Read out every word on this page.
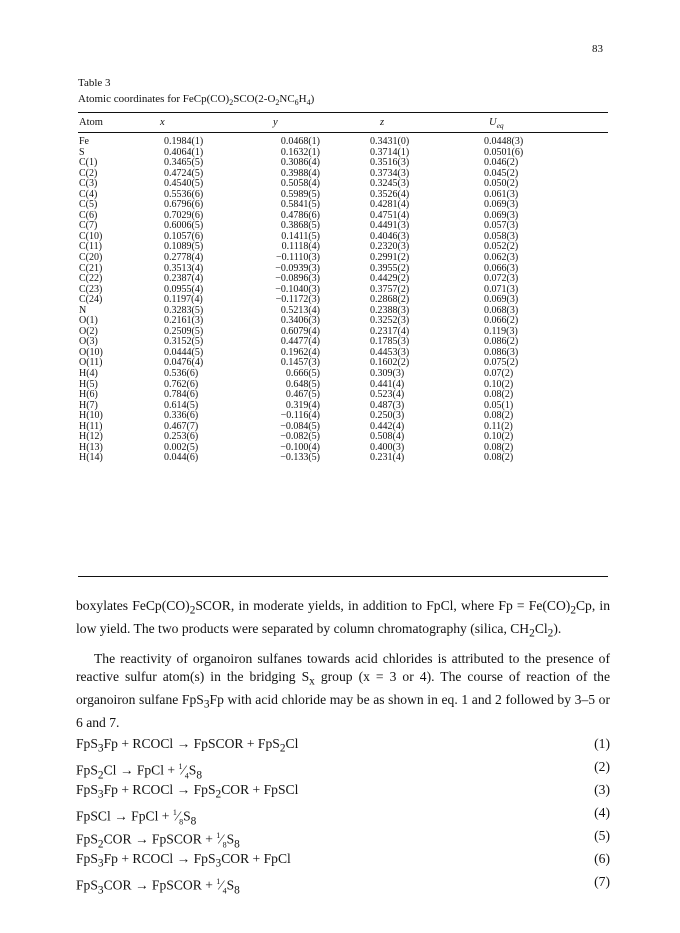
83
Table 3
Atomic coordinates for $FeCp(CO)_2SCO(2-O_2NC_6H_4)$
Atom	x	y	z	$U_{eq}$
Fe	0.1984(1)	0.0468(1)	0.3431(0)	0.0448(3)
S	0.4064(1)	0.1632(1)	0.3714(1)	0.0501(6)
C(1)	0.3465(5)	0.3086(4)	0.3516(3)	0.046(2)
C(2)	0.4724(5)	0.3988(4)	0.3734(3)	0.045(2)
C(3)	0.4540(5)	0.5058(4)	0.3245(3)	0.050(2)
C(4)	0.5536(6)	0.5989(5)	0.3526(4)	0.061(3)
C(5)	0.6796(6)	0.5841(5)	0.4281(4)	0.069(3)
C(6)	0.7029(6)	0.4786(6)	0.4751(4)	0.069(3)
C(7)	0.6006(5)	0.3868(5)	0.4491(3)	0.057(3)
C(10)	0.1057(6)	0.1411(5)	0.4046(3)	0.058(3)
C(11)	0.1089(5)	0.1118(4)	0.2320(3)	0.052(2)
C(20)	0.2778(4)	−0.1110(3)	0.2991(2)	0.062(3)
C(21)	0.3513(4)	−0.0939(3)	0.3955(2)	0.066(3)
C(22)	0.2387(4)	−0.0896(3)	0.4429(2)	0.072(3)
C(23)	0.0955(4)	−0.1040(3)	0.3757(2)	0.071(3)
C(24)	0.1197(4)	−0.1172(3)	0.2868(2)	0.069(3)
N	0.3283(5)	0.5213(4)	0.2388(3)	0.068(3)
O(1)	0.2161(3)	0.3406(3)	0.3252(3)	0.066(2)
O(2)	0.2509(5)	0.6079(4)	0.2317(4)	0.119(3)
O(3)	0.3152(5)	0.4477(4)	0.1785(3)	0.086(2)
O(10)	0.0444(5)	0.1962(4)	0.4453(3)	0.086(3)
O(11)	0.0476(4)	0.1457(3)	0.1602(2)	0.075(2)
H(4)	0.536(6)	0.666(5)	0.309(3)	0.07(2)
H(5)	0.762(6)	0.648(5)	0.441(4)	0.10(2)
H(6)	0.784(6)	0.467(5)	0.523(4)	0.08(2)
H(7)	0.614(5)	0.319(4)	0.487(3)	0.05(1)
H(10)	0.336(6)	−0.116(4)	0.250(3)	0.08(2)
H(11)	0.467(7)	−0.084(5)	0.442(4)	0.11(2)
H(12)	0.253(6)	−0.082(5)	0.508(4)	0.10(2)
H(13)	0.002(5)	−0.100(4)	0.400(3)	0.08(2)
H(14)	0.044(6)	−0.133(5)	0.231(4)	0.08(2)

boxylates $FeCp(CO)_2SCOR$, in moderate yields, in addition to FpCl, where $Fp = Fe(CO)_2Cp$, in low yield. The two products were separated by column chromatography (silica, $CH_2Cl_2$).

The reactivity of organoiron sulfanes towards acid chlorides is attributed to the presence of reactive sulfur atom(s) in the bridging $S_x$ group (x = 3 or 4). The course of reaction of the organoiron sulfane FpS$_3$Fp with acid chloride may be as shown in eq. 1 and 2 followed by 3–5 or 6 and 7.

FpS$_3$Fp + RCOCl → FpSCOR + FpS$_2$Cl	(1)
FpS$_2$Cl → FpCl + $^1⁄_4S_8$
(2)
FpS$_3$Fp + RCOCl → FpS$_2$COR + FpSCl	(3)
FpSCl → FpCl + $^1⁄_8S_8$
(4)
FpS$_2$COR → FpSCOR + $^1⁄_8S_8$
(5)
FpS$_3$Fp + RCOCl → FpS$_3$COR + FpCl	(6)
FpS$_3$COR → FpSCOR + $^1⁄_4S_8$
(7)
